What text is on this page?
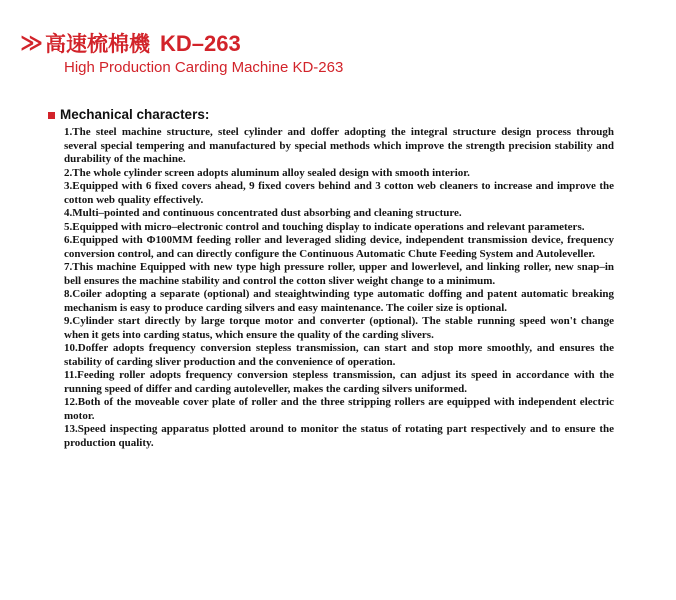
≫ 高速梳棉機 KD–263
High Production Carding Machine KD-263
Mechanical characters:
1.The steel machine structure, steel cylinder and doffer adopting the integral structure design process through several special tempering and manufactured by special methods which improve the strength precision stability and durability of the machine.
2.The whole cylinder screen adopts aluminum alloy sealed design with smooth interior.
3.Equipped with 6 fixed covers ahead, 9 fixed covers behind and 3 cotton web cleaners to increase and improve the cotton web quality effectively.
4.Multi–pointed and continuous concentrated dust absorbing and cleaning structure.
5.Equipped with micro–electronic control and touching display to indicate operations and relevant parameters.
6.Equipped with Φ100MM feeding roller and leveraged sliding device, independent transmission device, frequency conversion control, and can directly configure the Continuous Automatic Chute Feeding System and Autoleveller.
7.This machine Equipped with new type high pressure roller, upper and lowerlevel, and linking roller, new snap–in bell ensures the machine stability and control the cotton sliver weight change to a minimum.
8.Coiler adopting a separate (optional) and steaightwinding type automatic doffing and patent automatic breaking mechanism is easy to produce carding silvers and easy maintenance. The coiler size is optional.
9.Cylinder start directly by large torque motor and converter (optional). The stable running speed won't change when it gets into carding status, which ensure the quality of the carding slivers.
10.Doffer adopts frequency conversion stepless transmission, can start and stop more smoothly, and ensures the stability of carding sliver production and the convenience of operation.
11.Feeding roller adopts frequency conversion stepless transmission, can adjust its speed in accordance with the running speed of differ and carding autoleveller, makes the carding silvers uniformed.
12.Both of the moveable cover plate of roller and the three stripping rollers are equipped with independent electric motor.
13.Speed inspecting apparatus plotted around to monitor the status of rotating part respectively and to ensure the production quality.
